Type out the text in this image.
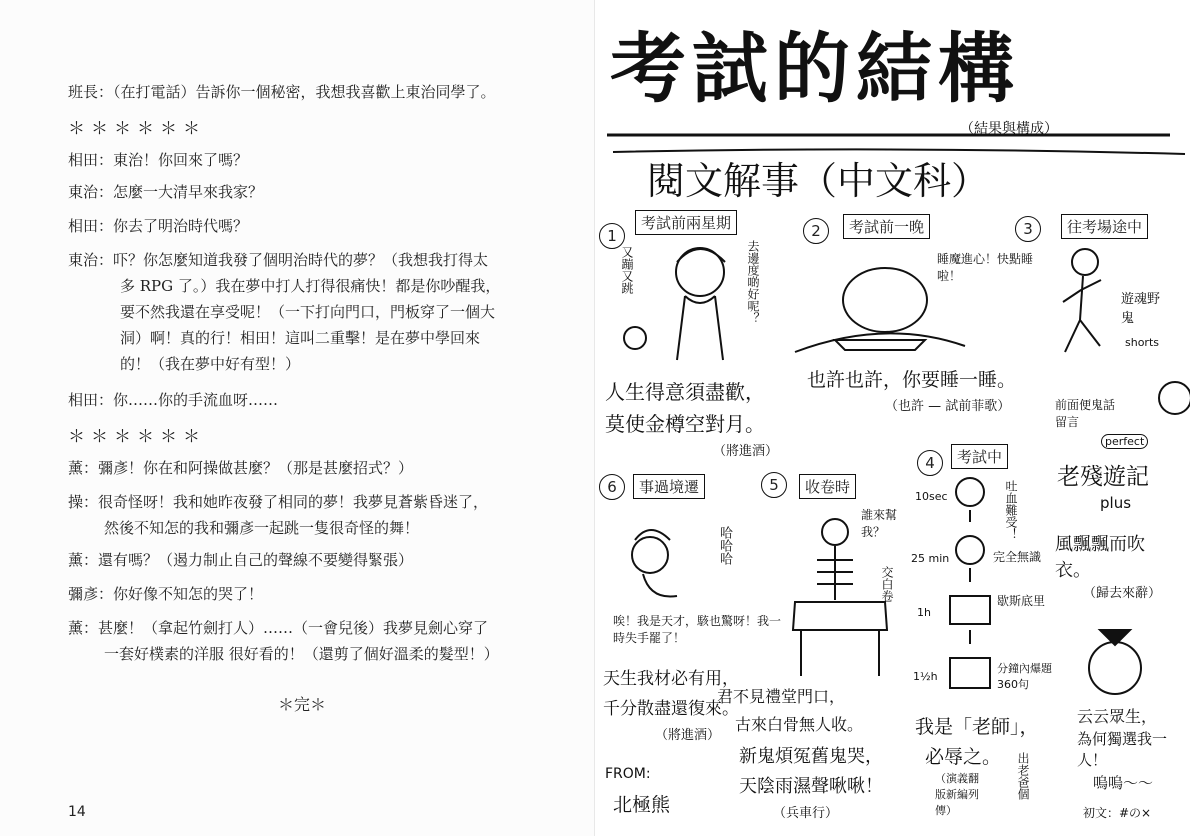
班長：（在打電話）告訴你一個秘密，我想我喜歡上東治同學了。
＊＊＊＊＊＊
相田：東治！你回來了嗎？
東治：怎麼一大清早來我家？
相田：你去了明治時代嗎？
東治：吓？你怎麼知道我發了個明治時代的夢？（我想我打得太
多 RPG 了。）我在夢中打人打得很痛快！都是你吵醒我，
要不然我還在享受呢！（一下打向門口，門板穿了一個大
洞）啊！真的行！相田！這叫二重擊！是在夢中學回來
的！（我在夢中好有型！）
相田：你……你的手流血呀……
＊＊＊＊＊＊
薰：彌彥！你在和阿操做甚麼？（那是甚麼招式？）
操：很奇怪呀！我和她昨夜發了相同的夢！我夢見蒼紫昏迷了，
然後不知怎的我和彌彥一起跳一隻很奇怪的舞！
薰：還有嗎？（遏力制止自己的聲線不要變得緊張）
彌彥：你好像不知怎的哭了！
薰：甚麼！（拿起竹劍打人）……（一會兒後）我夢見劍心穿了
一套好樸素的洋服 很好看的！（還剪了個好溫柔的髮型！）
＊完＊
14
考試的結構
（結果與構成）
閱文解事（中文科）
1
考試前兩星期
又蹦又跳	去邊度啲好呢？
人生得意須盡歡，
莫使金樽空對月。
（將進酒）
2	考試前一晚
睡魔進心！快點睡啦！
也許也許，你要睡一睡。
（也許 — 試前菲歌）
3	往考場途中
遊魂野鬼
shorts
前面便鬼話留言
perfect
老殘遊記
plus
風飄飄而吹衣。
（歸去來辭）
4	考試中
10sec
25 min
1h
1½h
吐血難受！
完全無識
歇斯底里
分鐘內爆題 360句
我是「老師」，
必辱之。
（演義翻版新編列傳）
出老爸個
5	收卷時
誰來幫我？
交白卷
君不見禮堂門口，
古來白骨無人收。
新鬼煩冤舊鬼哭，
天陰雨濕聲啾啾！
（兵車行）
6	事過境遷
哈哈哈
唉！我是天才，駭也驚呀！我一時失手罷了！
天生我材必有用，
千分散盡還復來。
（將進酒）
云云眾生，
為何獨選我一人！
嗚嗚〜〜
初文：#の×
FROM:
北極熊
